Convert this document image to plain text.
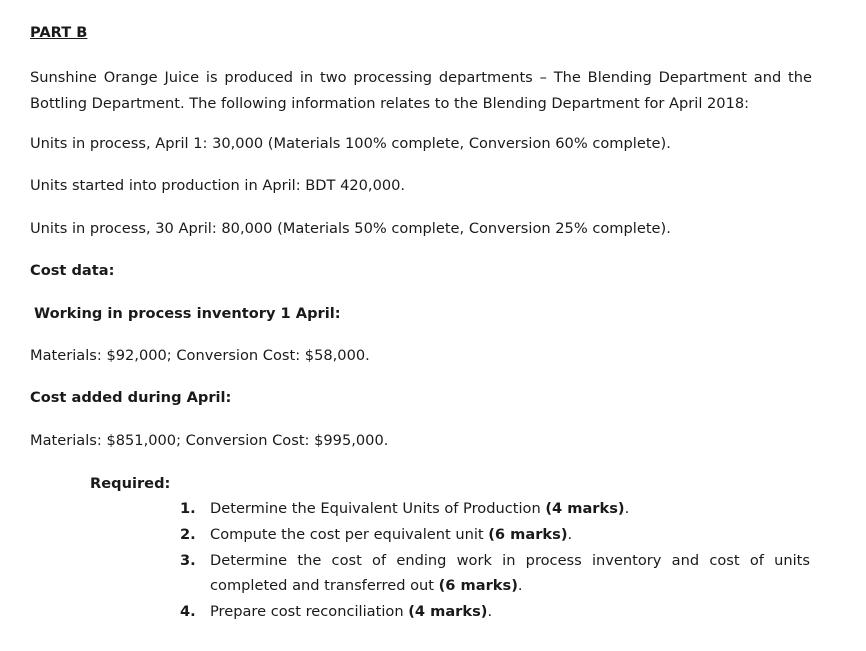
PART B
Sunshine Orange Juice is produced in two processing departments – The Blending Department and the Bottling Department. The following information relates to the Blending Department for April 2018:
Units in process, April 1: 30,000 (Materials 100% complete, Conversion 60% complete).
Units started into production in April: BDT 420,000.
Units in process, 30 April: 80,000 (Materials 50% complete, Conversion 25% complete).
Cost data:
Working in process inventory 1 April:
Materials: $92,000; Conversion Cost: $58,000.
Cost added during April:
Materials: $851,000; Conversion Cost: $995,000.
Required:
1. Determine the Equivalent Units of Production (4 marks).
2. Compute the cost per equivalent unit (6 marks).
3. Determine the cost of ending work in process inventory and cost of units completed and transferred out (6 marks).
4. Prepare cost reconciliation (4 marks).
